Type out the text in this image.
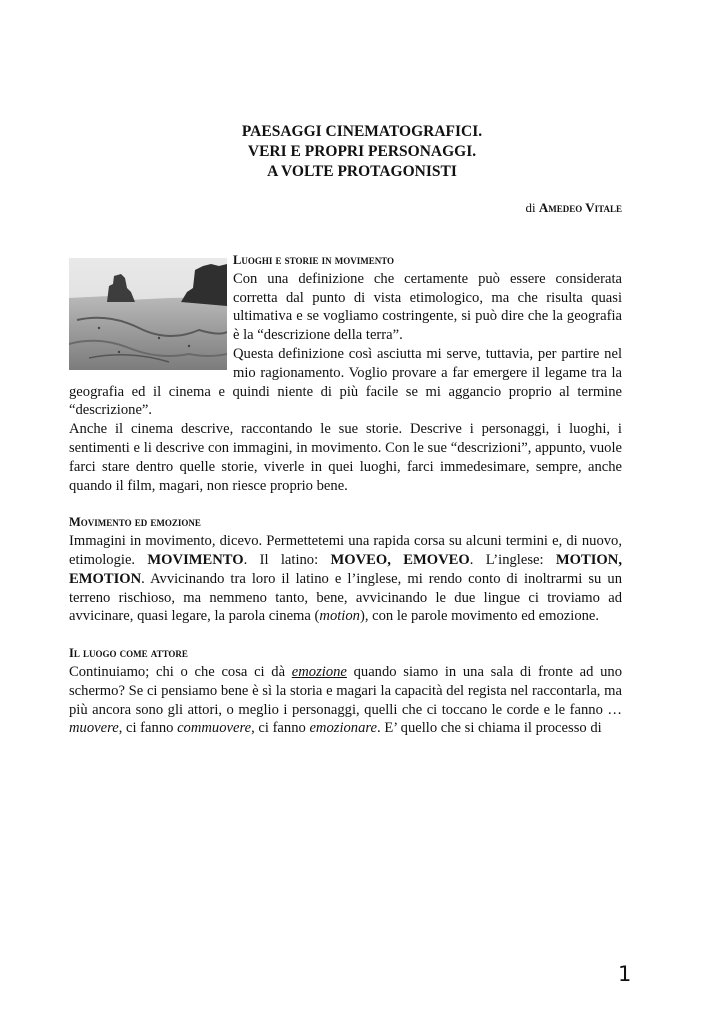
PAESAGGI CINEMATOGRAFICI.
VERI E PROPRI PERSONAGGI.
A VOLTE PROTAGONISTI
di Amedeo Vitale
Luoghi e storie in movimento

Con una definizione che certamente può essere considerata corretta dal punto di vista etimologico, ma che risulta quasi ultimativa e se vogliamo costringente, si può dire che la geografia è la “descrizione della terra”.

Questa definizione così asciutta mi serve, tuttavia, per partire nel mio ragionamento. Voglio provare a far emergere il legame tra la geografia ed il cinema e quindi niente di più facile se mi aggancio proprio al termine “descrizione”.

Anche il cinema descrive, raccontando le sue storie. Descrive i personaggi, i luoghi, i sentimenti e li descrive con immagini, in movimento. Con le sue “descrizioni”, appunto, vuole farci stare dentro quelle storie, viverle in quei luoghi, farci immedesimare, sempre, anche quando il film, magari, non riesce proprio bene.

Movimento ed emozione

Immagini in movimento, dicevo. Permettetemi una rapida corsa su alcuni termini e, di nuovo, etimologie. MOVIMENTO. Il latino: MOVEO, EMOVEO. L’inglese: MOTION, EMOTION. Avvicinando tra loro il latino e l’inglese, mi rendo conto di inoltrarmi su un terreno rischioso, ma nemmeno tanto, bene, avvicinando le due lingue ci troviamo ad avvicinare, quasi legare, la parola cinema (motion), con le parole movimento ed emozione.

Il luogo come attore

Continuiamo; chi o che cosa ci dà emozione quando siamo in una sala di fronte ad uno schermo? Se ci pensiamo bene è sì la storia e magari la capacità del regista nel raccontarla, ma più ancora sono gli attori, o meglio i personaggi, quelli che ci toccano le corde e le fanno … muovere, ci fanno commuovere, ci fanno emozionare. E’ quello che si chiama il processo di

1
